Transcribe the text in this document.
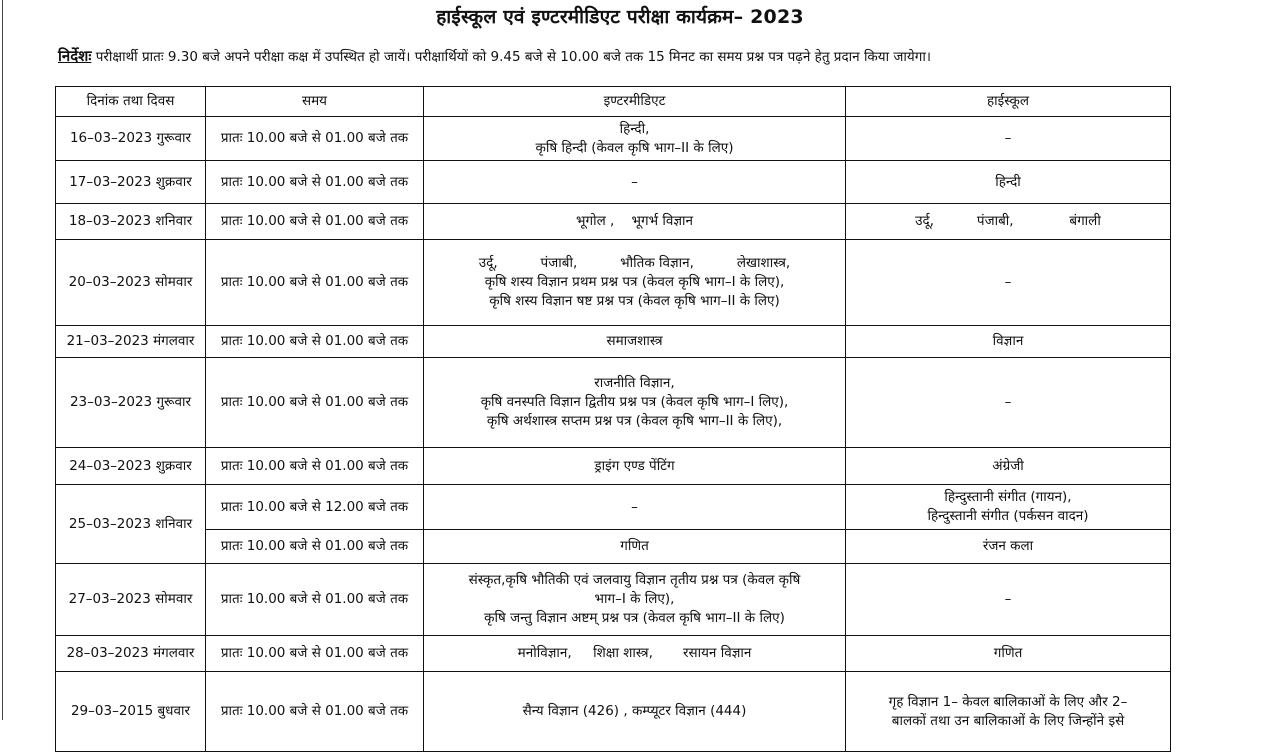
हाईस्कूल एवं इण्टरमीडिएट परीक्षा कार्यक्रम– 2023
निर्देशः परीक्षार्थी प्रातः 9.30 बजे अपने परीक्षा कक्ष में उपस्थित हो जायें। परीक्षार्थियों को 9.45 बजे से 10.00 बजे तक 15 मिनट का समय प्रश्न पत्र पढ़ने हेतु प्रदान किया जायेगा।
दिनांक तथा दिवस	समय	इण्टरमीडिएट	हाईस्कूल
16–03–2023 गुरूवार	प्रातः 10.00 बजे से 01.00 बजे तक	हिन्दी,
कृषि हिन्दी (केवल कृषि भाग–II के लिए)	–
17–03–2023 शुक्रवार	प्रातः 10.00 बजे से 01.00 बजे तक	–	हिन्दी
18–03–2023 शनिवार	प्रातः 10.00 बजे से 01.00 बजे तक	भूगोल ,    भूगर्भ विज्ञान	उर्दू,          पंजाबी,             बंगाली
20–03–2023 सोमवार	प्रातः 10.00 बजे से 01.00 बजे तक	उर्दू,          पंजाबी,          भौतिक विज्ञान,          लेखाशास्त्र,
कृषि शस्य विज्ञान प्रथम प्रश्न पत्र (केवल कृषि भाग–I के लिए),
कृषि शस्य विज्ञान षष्ट प्रश्न पत्र (केवल कृषि भाग–II के लिए)	–
21–03–2023 मंगलवार	प्रातः 10.00 बजे से 01.00 बजे तक	समाजशास्त्र	विज्ञान
23–03–2023 गुरूवार	प्रातः 10.00 बजे से 01.00 बजे तक	राजनीति विज्ञान,
कृषि वनस्पति विज्ञान द्वितीय प्रश्न पत्र (केवल कृषि भाग–I लिए),
कृषि अर्थशास्त्र सप्तम प्रश्न पत्र (केवल कृषि भाग–II के लिए),	–
24–03–2023 शुक्रवार	प्रातः 10.00 बजे से 01.00 बजे तक	ड्राइंग एण्ड पेंटिंग	अंग्रेजी
25–03–2023 शनिवार	प्रातः 10.00 बजे से 12.00 बजे तक	–	हिन्दुस्तानी संगीत (गायन),
हिन्दुस्तानी संगीत (पर्कसन वादन)

	प्रातः 10.00 बजे से 01.00 बजे तक	गणित	रंजन कला
27–03–2023 सोमवार	प्रातः 10.00 बजे से 01.00 बजे तक	संस्कृत,कृषि भौतिकी एवं जलवायु विज्ञान तृतीय प्रश्न पत्र (केवल कृषि
भाग–I के लिए),
कृषि जन्तु विज्ञान अष्टम् प्रश्न पत्र (केवल कृषि भाग–II के लिए)	–
28–03–2023 मंगलवार	प्रातः 10.00 बजे से 01.00 बजे तक	मनोविज्ञान,     शिक्षा शास्त्र,       रसायन विज्ञान	गणित
29–03–2015 बुधवार	प्रातः 10.00 बजे से 01.00 बजे तक	सैन्य विज्ञान (426) , कम्प्यूटर विज्ञान (444)	गृह विज्ञान 1– केवल बालिकाओं के लिए और 2–
बालकों तथा उन बालिकाओं के लिए जिन्होंने इसे
